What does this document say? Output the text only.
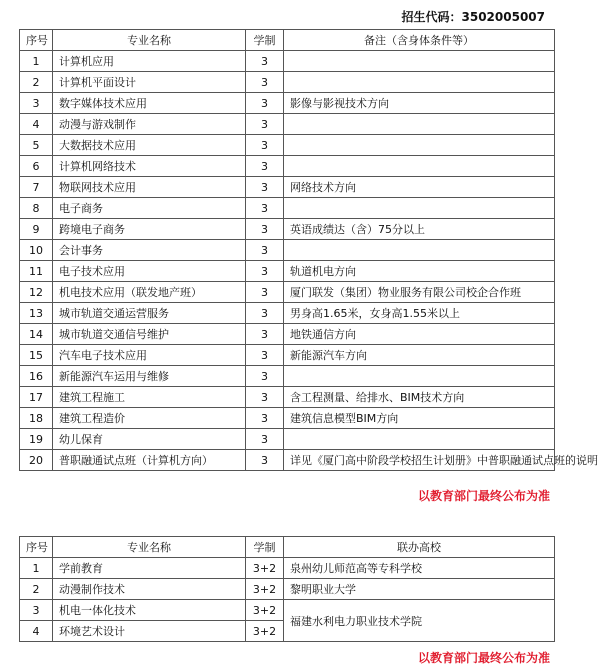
招生代码：3502005007
序号	专业名称	学制	备注（含身体条件等）
1	计算机应用	3	
2	计算机平面设计	3	
3	数字媒体技术应用	3	影像与影视技术方向
4	动漫与游戏制作	3	
5	大数据技术应用	3	
6	计算机网络技术	3	
7	物联网技术应用	3	网络技术方向
8	电子商务	3	
9	跨境电子商务	3	英语成绩达（含）75分以上
10	会计事务	3	
11	电子技术应用	3	轨道机电方向
12	机电技术应用（联发地产班）	3	厦门联发（集团）物业服务有限公司校企合作班
13	城市轨道交通运营服务	3	男身高1.65米，女身高1.55米以上
14	城市轨道交通信号维护	3	地铁通信方向
15	汽车电子技术应用	3	新能源汽车方向
16	新能源汽车运用与维修	3	
17	建筑工程施工	3	含工程测量、给排水、BIM技术方向
18	建筑工程造价	3	建筑信息模型BIM方向
19	幼儿保育	3	
20	普职融通试点班（计算机方向）	3	详见《厦门高中阶段学校招生计划册》中普职融通试点班的说明
以教育部门最终公布为准
序号	专业名称	学制	联办高校
1	学前教育	3+2	泉州幼儿师范高等专科学校
2	动漫制作技术	3+2	黎明职业大学
3	机电一体化技术	3+2	福建水利电力职业技术学院
4	环境艺术设计	3+2	
以教育部门最终公布为准
